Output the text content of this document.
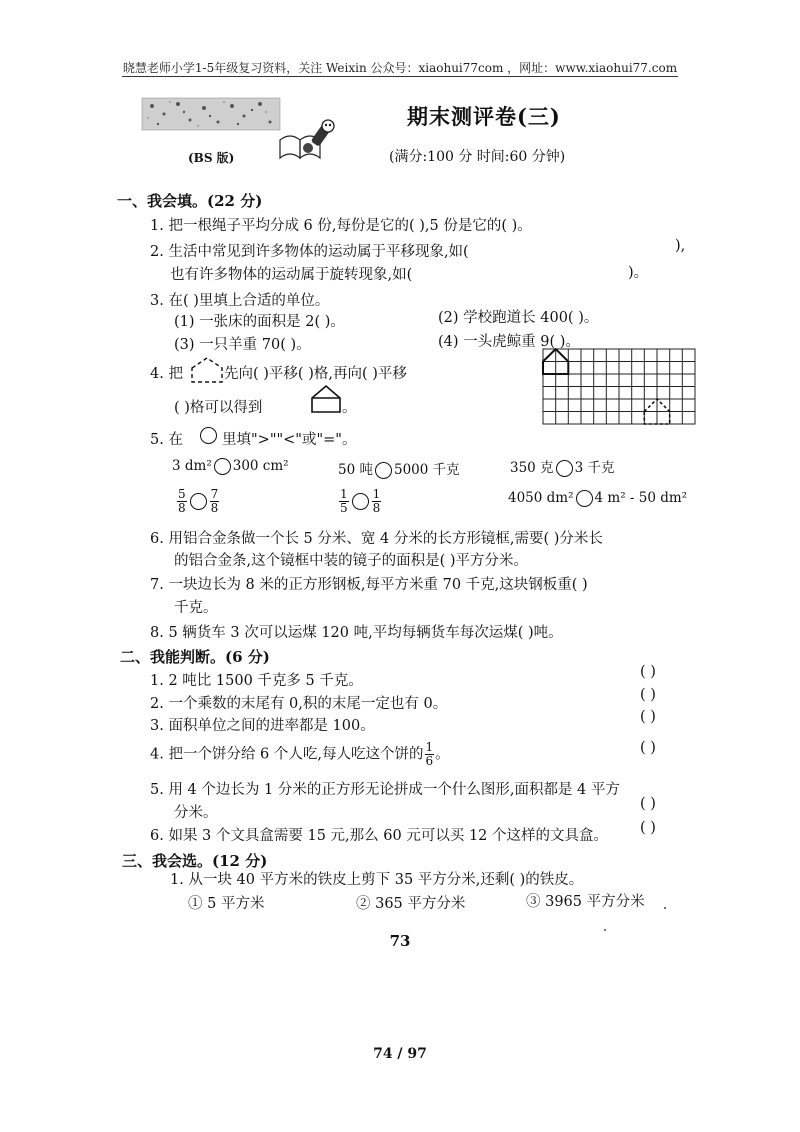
晓慧老师小学1-5年级复习资料，关注 Weixin 公众号：xiaohui77com ，网址：www.xiaohui77.com
期末测评卷(三)
(BS 版)	(满分:100 分 时间:60 分钟)
一、我会填。(22 分)
1. 把一根绳子平均分成 6 份,每份是它的( ),5 份是它的( )。
2. 生活中常见到许多物体的运动属于平移现象,如(	),
也有许多物体的运动属于旋转现象,如(	)。
3. 在( )里填上合适的单位。
(1) 一张床的面积是 2( )。	(2) 学校跑道长 400( )。
(3) 一只羊重 70( )。	(4) 一头虎鲸重 9( )。
4. 把	先向( )平移( )格,再向( )平移
( )格可以得到	。
5. 在	里填">""<"或"="。
3 dm² 300 cm²	50 吨 5000 千克	350 克 3 千克
$\frac{5}{8} \frac{7}{8}$	$\frac{1}{5} \frac{1}{8}$	4050 dm² 4 m² - 50 dm²
6. 用铝合金条做一个长 5 分米、宽 4 分米的长方形镜框,需要( )分米长
的铝合金条,这个镜框中装的镜子的面积是( )平方分米。
7. 一块边长为 8 米的正方形钢板,每平方米重 70 千克,这块钢板重( )
千克。
8. 5 辆货车 3 次可以运煤 120 吨,平均每辆货车每次运煤( )吨。
二、我能判断。(6 分)
1. 2 吨比 1500 千克多 5 千克。
( )
2. 一个乘数的末尾有 0,积的末尾一定也有 0。
( )
3. 面积单位之间的进率都是 100。
( )
4. 把一个饼分给 6 个人吃,每人吃这个饼的 $\frac{1}{6}$ 。	( )
5. 用 4 个边长为 1 分米的正方形无论拼成一个什么图形,面积都是 4 平方
分米。
( )
6. 如果 3 个文具盒需要 15 元,那么 60 元可以买 12 个这样的文具盒。 ( )
三、我会选。(12 分)
1. 从一块 40 平方米的铁皮上剪下 35 平方分米,还剩( )的铁皮。
① 5 平方米	② 365 平方分米	③ 3965 平方分米
73
74 / 97
